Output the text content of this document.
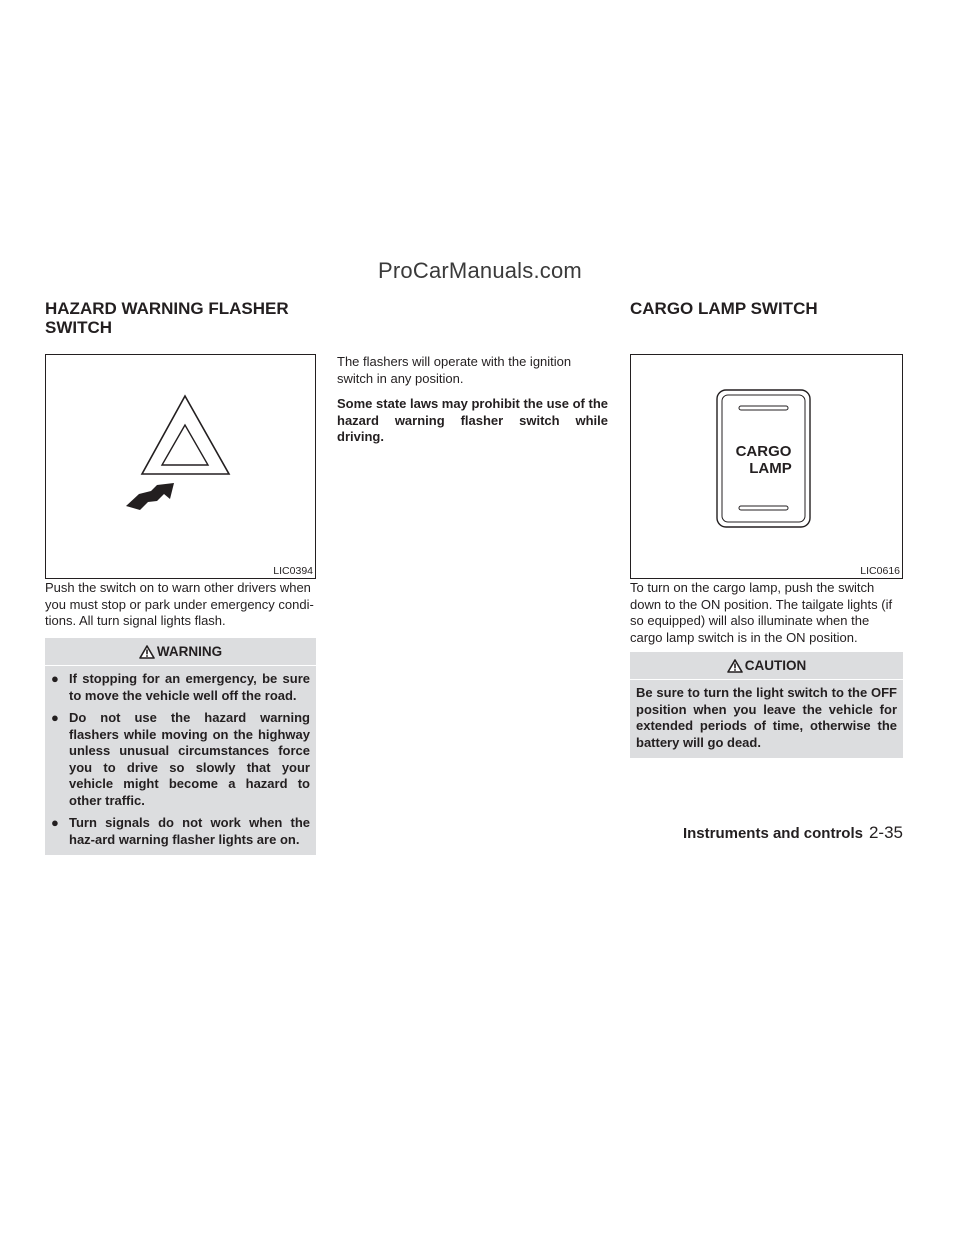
ProCarManuals.com
HAZARD WARNING FLASHER
SWITCH
CARGO LAMP SWITCH
LIC0394

Push the switch on to warn other drivers when you must stop or park under emergency condi-tions. All turn signal lights flash.

WARNING
● If stopping for an emergency, be sure to move the vehicle well off the road.
● Do not use the hazard warning flashers while moving on the highway unless unusual circumstances force you to drive so slowly that your vehicle might become a hazard to other traffic.
● Turn signals do not work when the haz-ard warning flasher lights are on.

The flashers will operate with the ignition switch in any position.

Some state laws may prohibit the use of the hazard warning flasher switch while driving.

CARGO
LAMP
LIC0616

To turn on the cargo lamp, push the switch down to the ON position. The tailgate lights (if so equipped) will also illuminate when the cargo lamp switch is in the ON position.

CAUTION
Be sure to turn the light switch to the OFF position when you leave the vehicle for extended periods of time, otherwise the battery will go dead.
Instruments and controls 2-35
